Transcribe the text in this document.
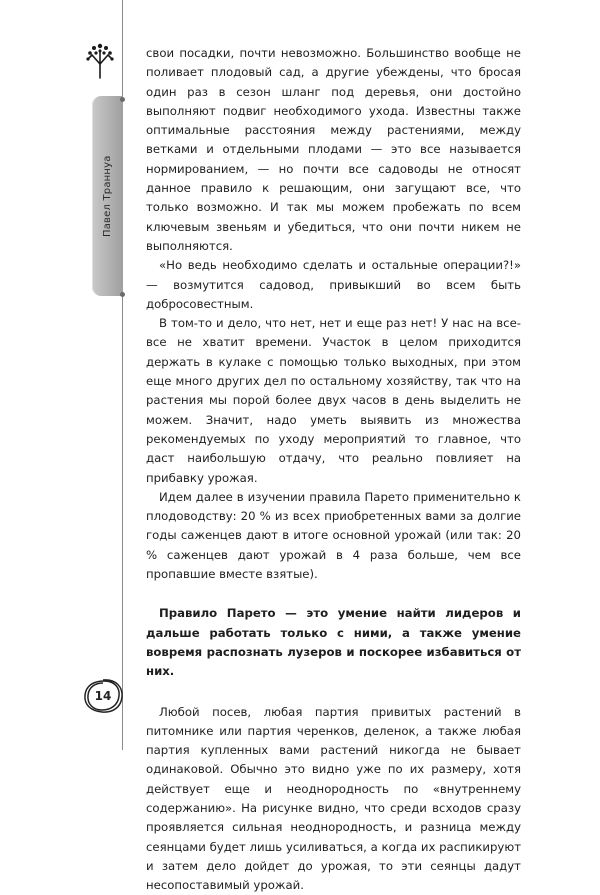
Павел Траннуа
14

свои посадки, почти невозможно. Большинство вообще не поливает плодовый сад, а другие убеждены, что бросая один раз в сезон шланг под деревья, они достойно выполняют подвиг необходимого ухода. Известны также оптимальные расстояния между растениями, между ветками и отдельными плодами — это все называется нормированием, — но почти все садоводы не относят данное правило к решающим, они загущают все, что только возможно. И так мы можем пробежать по всем ключевым звеньям и убедиться, что они почти никем не выполняются.

«Но ведь необходимо сделать и остальные операции?!» — возмутится садовод, привыкший во всем быть добросовестным.

В том-то и дело, что нет, нет и еще раз нет! У нас на все-все не хватит времени. Участок в целом приходится держать в кулаке с помощью только выходных, при этом еще много других дел по остальному хозяйству, так что на растения мы порой более двух часов в день выделить не можем. Значит, надо уметь выявить из множества рекомендуемых по уходу мероприятий то главное, что даст наибольшую отдачу, что реально повлияет на прибавку урожая.

Идем далее в изучении правила Парето применительно к плодоводству: 20 % из всех приобретенных вами за долгие годы саженцев дают в итоге основной урожай (или так: 20 % саженцев дают урожай в 4 раза больше, чем все пропавшие вместе взятые).

Правило Парето — это умение найти лидеров и дальше работать только с ними, а также умение вовремя распознать лузеров и поскорее избавиться от них.

Любой посев, любая партия привитых растений в питомнике или партия черенков, деленок, а также любая партия купленных вами растений никогда не бывает одинаковой. Обычно это видно уже по их размеру, хотя действует еще и неоднородность по «внутреннему содержанию». На рисунке видно, что среди всходов сразу проявляется сильная неоднородность, и разница между сеянцами будет лишь усиливаться, а когда их распикируют и затем дело дойдет до урожая, то эти сеянцы дадут несопоставимый урожай.
